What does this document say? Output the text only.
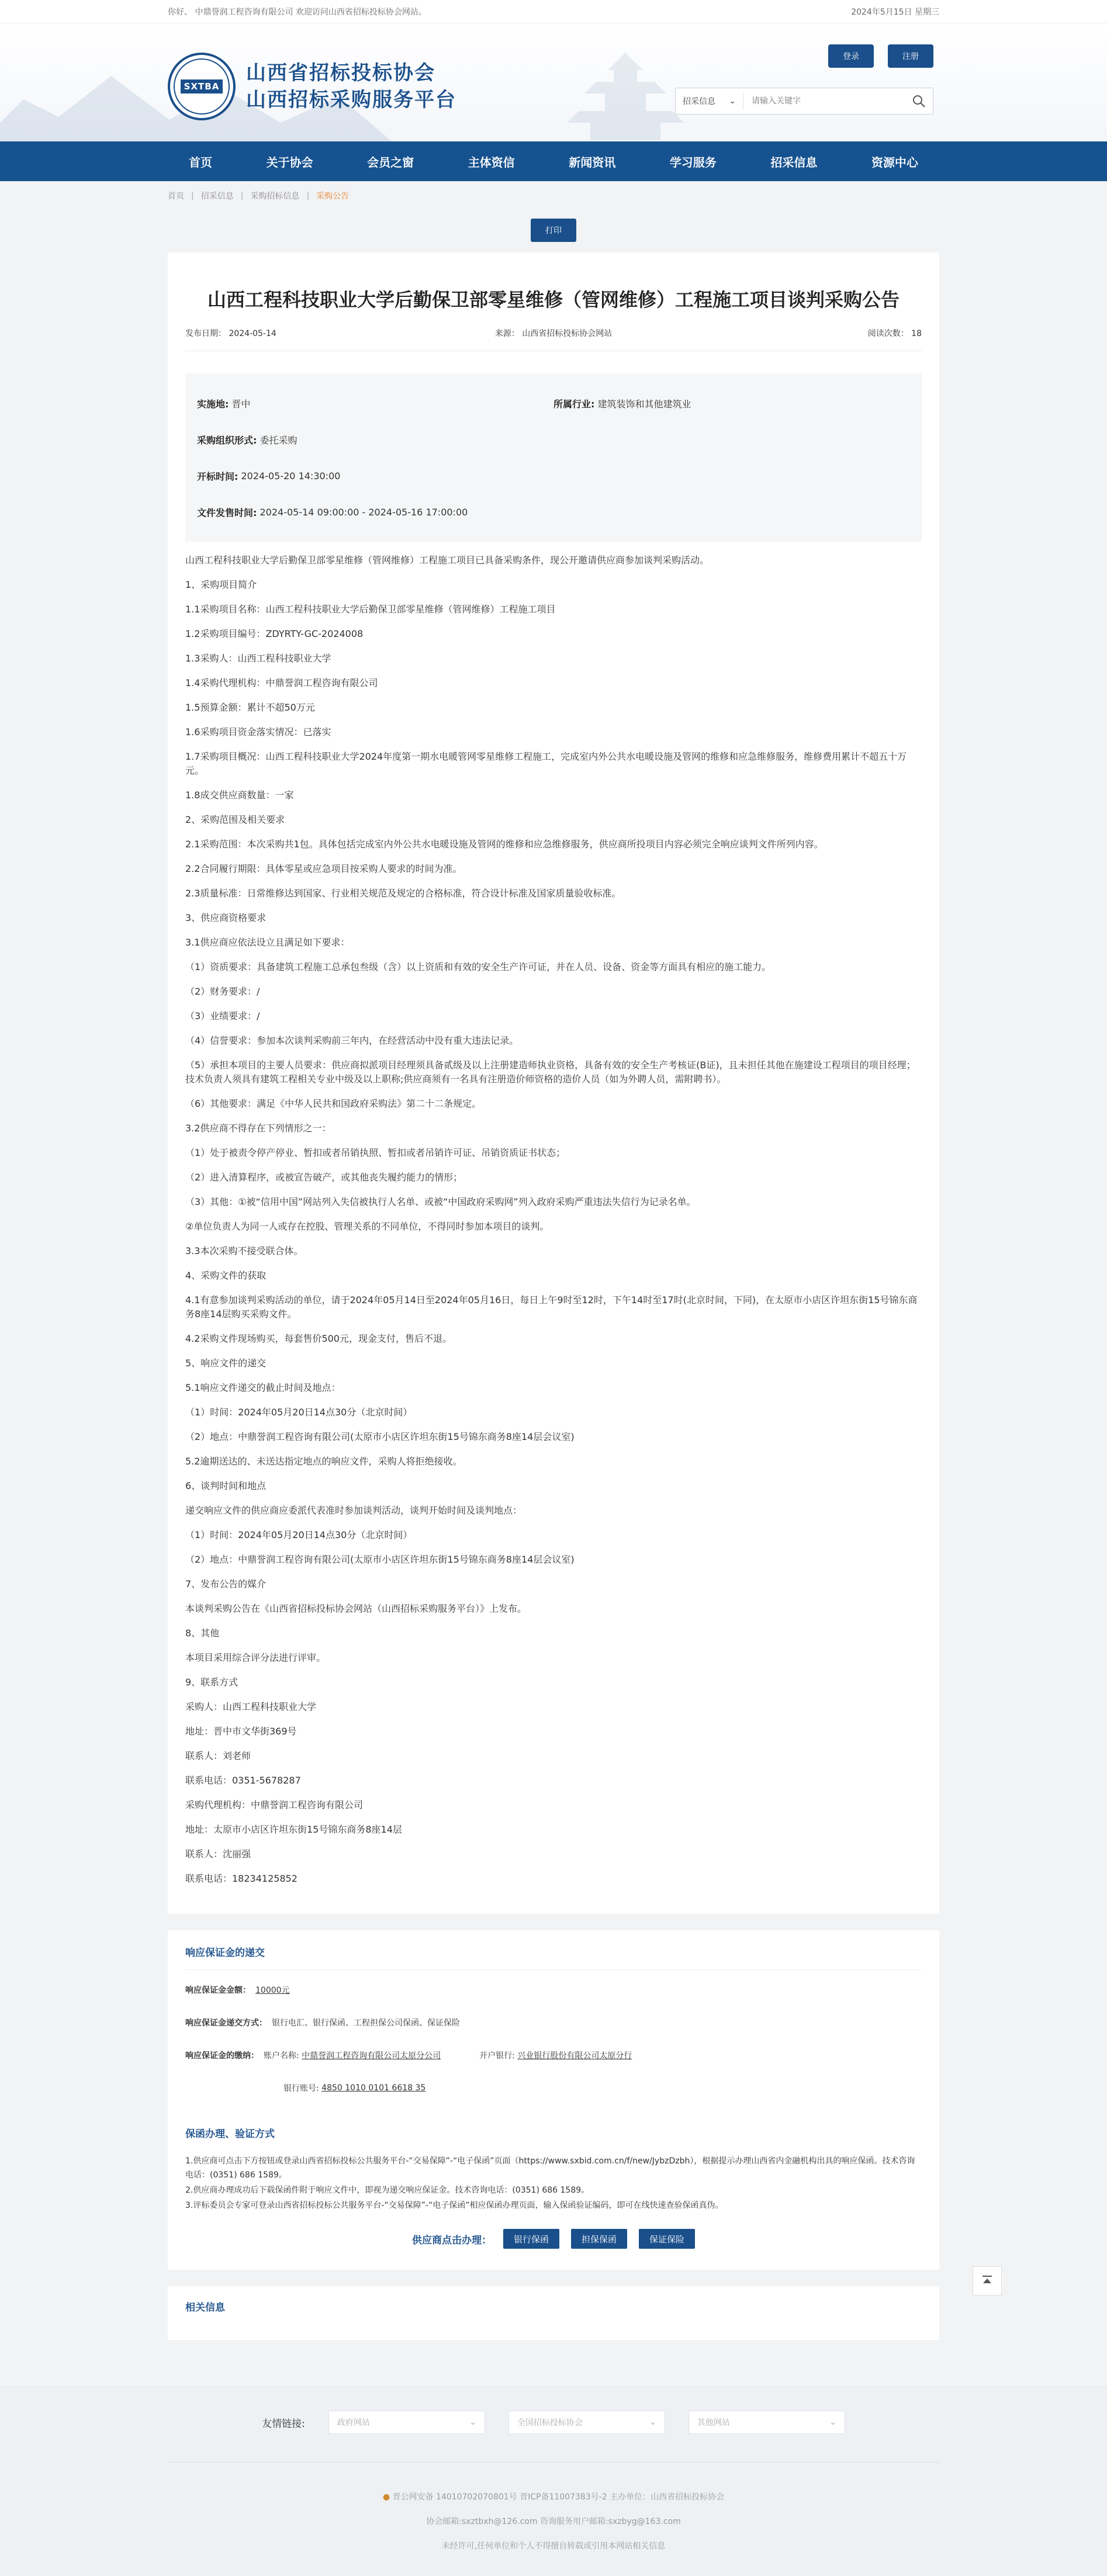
你好、 中鼎誉润工程咨询有限公司 欢迎访问山西省招标投标协会网站。	2024年5月15日 星期三
SXTBA
山西省招标投标协会
山西招标采购服务平台
登录	注册
招采信息 ⌄
请输入关键字
首页	关于协会	会员之窗	主体资信	新闻资讯	学习服务	招采信息	资源中心
首页 | 招采信息 | 采购招标信息 | 采购公告
打印
山西工程科技职业大学后勤保卫部零星维修（管网维修）工程施工项目谈判采购公告
发布日期： 2024-05-14	来源： 山西省招标投标协会网站	阅读次数： 18
实施地: 晋中	所属行业: 建筑装饰和其他建筑业
采购组织形式:
委托采购
开标时间:
2024-05-20 14:30:00
文件发售时间:
2024-05-14 09:00:00 - 2024-05-16 17:00:00

山西工程科技职业大学后勤保卫部零星维修（管网维修）工程施工项目已具备采购条件，现公开邀请供应商参加谈判采购活动。

1、采购项目简介

1.1采购项目名称：山西工程科技职业大学后勤保卫部零星维修（管网维修）工程施工项目

1.2采购项目编号：ZDYRTY-GC-2024008

1.3采购人：山西工程科技职业大学

1.4采购代理机构：中鼎誉润工程咨询有限公司

1.5预算金额：累计不超50万元

1.6采购项目资金落实情况：已落实

1.7采购项目概况：山西工程科技职业大学2024年度第一期水电暖管网零星维修工程施工，完成室内外公共水电暖设施及管网的维修和应急维修服务，维修费用累计不超五十万元。

1.8成交供应商数量：一家

2、采购范围及相关要求

2.1采购范围：本次采购共1包。具体包括完成室内外公共水电暖设施及管网的维修和应急维修服务，供应商所投项目内容必须完全响应谈判文件所列内容。

2.2合同履行期限：具体零星或应急项目按采购人要求的时间为准。

2.3质量标准：日常维修达到国家、行业相关规范及规定的合格标准，符合设计标准及国家质量验收标准。

3、供应商资格要求

3.1供应商应依法设立且满足如下要求：

（1）资质要求：具备建筑工程施工总承包叁级（含）以上资质和有效的安全生产许可证，并在人员、设备、资金等方面具有相应的施工能力。

（2）财务要求：/

（3）业绩要求：/

（4）信誉要求：参加本次谈判采购前三年内，在经营活动中没有重大违法记录。

（5）承担本项目的主要人员要求：供应商拟派项目经理须具备贰级及以上注册建造师执业资格，具备有效的安全生产考核证(B证)，且未担任其他在施建设工程项目的项目经理；技术负责人须具有建筑工程相关专业中级及以上职称;供应商须有一名具有注册造价师资格的造价人员（如为外聘人员，需附聘书）。

（6）其他要求：满足《中华人民共和国政府采购法》第二十二条规定。

3.2供应商不得存在下列情形之一：

（1）处于被责令停产停业、暂扣或者吊销执照、暂扣或者吊销许可证、吊销资质证书状态；

（2）进入清算程序，或被宣告破产，或其他丧失履约能力的情形；

（3）其他：①被“信用中国”网站列入失信被执行人名单、或被“中国政府采购网”列入政府采购严重违法失信行为记录名单。

②单位负责人为同一人或存在控股、管理关系的不同单位，不得同时参加本项目的谈判。

3.3本次采购不接受联合体。

4、采购文件的获取

4.1有意参加谈判采购活动的单位，请于2024年05月14日至2024年05月16日，每日上午9时至12时，下午14时至17时(北京时间，下同)，在太原市小店区许坦东街15号锦东商务8座14层购买采购文件。

4.2采购文件现场购买，每套售价500元，现金支付，售后不退。

5、响应文件的递交

5.1响应文件递交的截止时间及地点：

（1）时间：2024年05月20日14点30分（北京时间）

（2）地点：中鼎誉润工程咨询有限公司(太原市小店区许坦东街15号锦东商务8座14层会议室)

5.2逾期送达的、未送达指定地点的响应文件，采购人将拒绝接收。

6、谈判时间和地点

递交响应文件的供应商应委派代表准时参加谈判活动，谈判开始时间及谈判地点：

（1）时间：2024年05月20日14点30分（北京时间）

（2）地点：中鼎誉润工程咨询有限公司(太原市小店区许坦东街15号锦东商务8座14层会议室)

7、发布公告的媒介

本谈判采购公告在《山西省招标投标协会网站（山西招标采购服务平台）》上发布。

8、其他

本项目采用综合评分法进行评审。

9、联系方式

采购人：山西工程科技职业大学

地址：晋中市文华街369号

联系人：刘老师

联系电话：0351-5678287

采购代理机构：中鼎誉润工程咨询有限公司

地址：太原市小店区许坦东街15号锦东商务8座14层

联系人：沈丽强

联系电话：18234125852

响应保证金的递交
响应保证金金额： 10000元
响应保证金递交方式： 银行电汇、银行保函、工程担保公司保函、保证保险
响应保证金的缴纳： 账户名称:
中鼎誉润工程咨询有限公司太原分公司	开户银行:
兴业银行股份有限公司太原分行
银行账号:
4850 1010 0101 6618 35
保函办理、验证方式

1.供应商可点击下方按钮或登录山西省招标投标公共服务平台-“交易保障”-“电子保函”页面（https://www.sxbid.com.cn/f/new/JybzDzbh），根据提示办理山西省内金融机构出具的响应保函。技术咨询电话：(0351) 686 1589。

2.供应商办理成功后下载保函件附于响应文件中，即视为递交响应保证金。技术咨询电话：(0351) 686 1589。

3.评标委员会专家可登录山西省招标投标公共服务平台-“交易保障”-“电子保函”相应保函办理页面，输入保函验证编码，即可在线快速查验保函真伪。

供应商点击办理：	银行保函	担保保函	保证保险
相关信息
友情链接:	政府网站	⌄	全国招标投标协会	⌄	其他网站	⌄
● 晋公网安备 14010702070801号 晋ICP备11007383号-2 主办单位：山西省招标投标协会
协会邮箱:sxztbxh@126.com 咨询服务用户邮箱:sxzbyg@163.com
未经许可,任何单位和个人不得擅自转载或引用本网站相关信息
